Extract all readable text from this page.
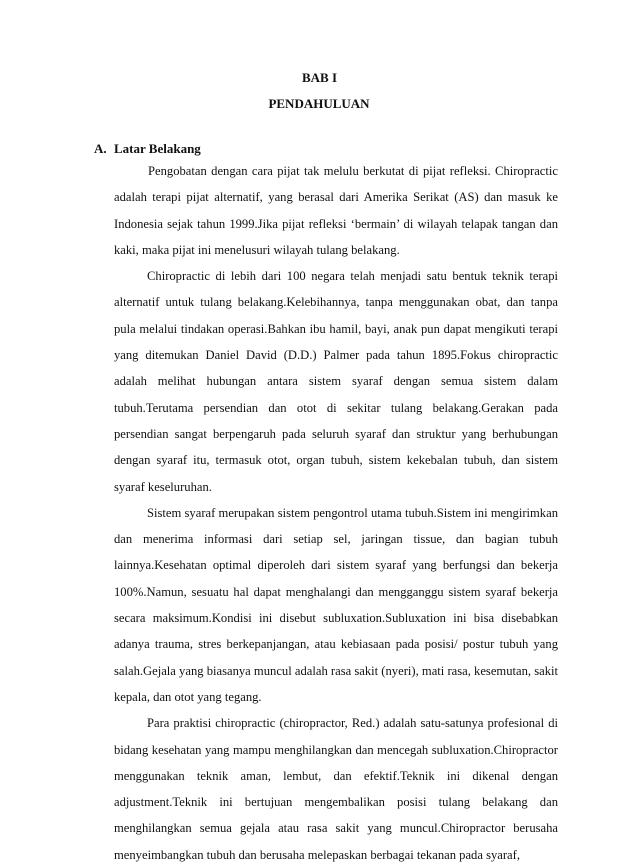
BAB I
PENDAHULUAN
A. Latar Belakang

Pengobatan dengan cara pijat tak melulu berkutat di pijat refleksi. Chiropractic adalah terapi pijat alternatif, yang berasal dari Amerika Serikat (AS) dan masuk ke Indonesia sejak tahun 1999.Jika pijat refleksi ‘bermain’ di wilayah telapak tangan dan kaki, maka pijat ini menelusuri wilayah tulang belakang.

Chiropractic di lebih dari 100 negara telah menjadi satu bentuk teknik terapi alternatif untuk tulang belakang.Kelebihannya, tanpa menggunakan obat, dan tanpa pula melalui tindakan operasi.Bahkan ibu hamil, bayi, anak pun dapat mengikuti terapi yang ditemukan Daniel David (D.D.) Palmer pada tahun 1895.Fokus chiropractic adalah melihat hubungan antara sistem syaraf dengan semua sistem dalam tubuh.Terutama persendian dan otot di sekitar tulang belakang.Gerakan pada persendian sangat berpengaruh pada seluruh syaraf dan struktur yang berhubungan dengan syaraf itu, termasuk otot, organ tubuh, sistem kekebalan tubuh, dan sistem syaraf keseluruhan.

Sistem syaraf merupakan sistem pengontrol utama tubuh.Sistem ini mengirimkan dan menerima informasi dari setiap sel, jaringan tissue, dan bagian tubuh lainnya.Kesehatan optimal diperoleh dari sistem syaraf yang berfungsi dan bekerja 100%.Namun, sesuatu hal dapat menghalangi dan mengganggu sistem syaraf bekerja secara maksimum.Kondisi ini disebut subluxation.Subluxation ini bisa disebabkan adanya trauma, stres berkepanjangan, atau kebiasaan pada posisi/ postur tubuh yang salah.Gejala yang biasanya muncul adalah rasa sakit (nyeri), mati rasa, kesemutan, sakit kepala, dan otot yang tegang.

Para praktisi chiropractic (chiropractor, Red.) adalah satu-satunya profesional di bidang kesehatan yang mampu menghilangkan dan mencegah subluxation.Chiropractor menggunakan teknik aman, lembut, dan efektif.Teknik ini dikenal dengan adjustment.Teknik ini bertujuan mengembalikan posisi tulang belakang dan menghilangkan semua gejala atau rasa sakit yang muncul.Chiropractor berusaha menyeimbangkan tubuh dan berusaha melepaskan berbagai tekanan pada syaraf,
